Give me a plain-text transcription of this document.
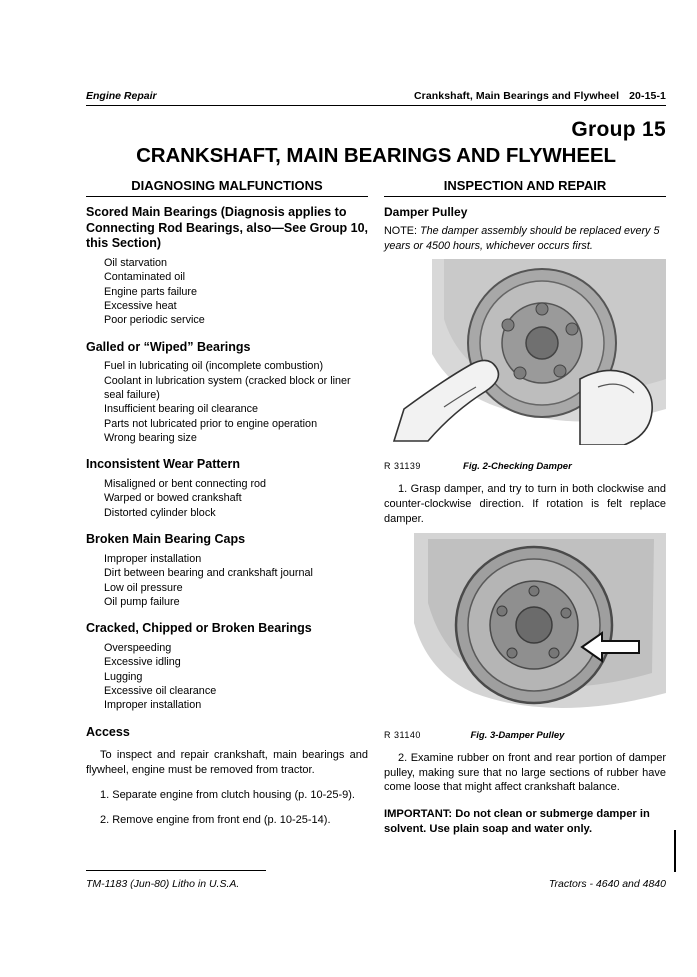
Engine Repair	Crankshaft, Main Bearings and Flywheel 20-15-1
Group 15
CRANKSHAFT, MAIN BEARINGS AND FLYWHEEL
DIAGNOSING MALFUNCTIONS
Scored Main Bearings (Diagnosis applies to Connecting Rod Bearings, also—See Group 10, this Section)
Oil starvation
Contaminated oil
Engine parts failure
Excessive heat
Poor periodic service
Galled or “Wiped” Bearings
Fuel in lubricating oil (incomplete combustion)
Coolant in lubrication system (cracked block or liner seal failure)
Insufficient bearing oil clearance
Parts not lubricated prior to engine operation
Wrong bearing size
Inconsistent Wear Pattern
Misaligned or bent connecting rod
Warped or bowed crankshaft
Distorted cylinder block
Broken Main Bearing Caps
Improper installation
Dirt between bearing and crankshaft journal
Low oil pressure
Oil pump failure
Cracked, Chipped or Broken Bearings
Overspeeding
Excessive idling
Lugging
Excessive oil clearance
Improper installation
Access

To inspect and repair crankshaft, main bearings and flywheel, engine must be removed from tractor.

1. Separate engine from clutch housing (p. 10-25-9).

2. Remove engine from front end (p. 10-25-14).

INSPECTION AND REPAIR
Damper Pulley

NOTE: The damper assembly should be replaced every 5 years or 4500 hours, whichever occurs first.

R 31139	Fig. 2-Checking Damper

1. Grasp damper, and try to turn in both clockwise and counter-clockwise direction. If rotation is felt replace damper.

R 31140	Fig. 3-Damper Pulley

2. Examine rubber on front and rear portion of damper pulley, making sure that no large sections of rubber have come loose that might affect crankshaft balance.

IMPORTANT: Do not clean or submerge damper in solvent. Use plain soap and water only.

TM-1183 (Jun-80) Litho in U.S.A.	Tractors - 4640 and 4840
